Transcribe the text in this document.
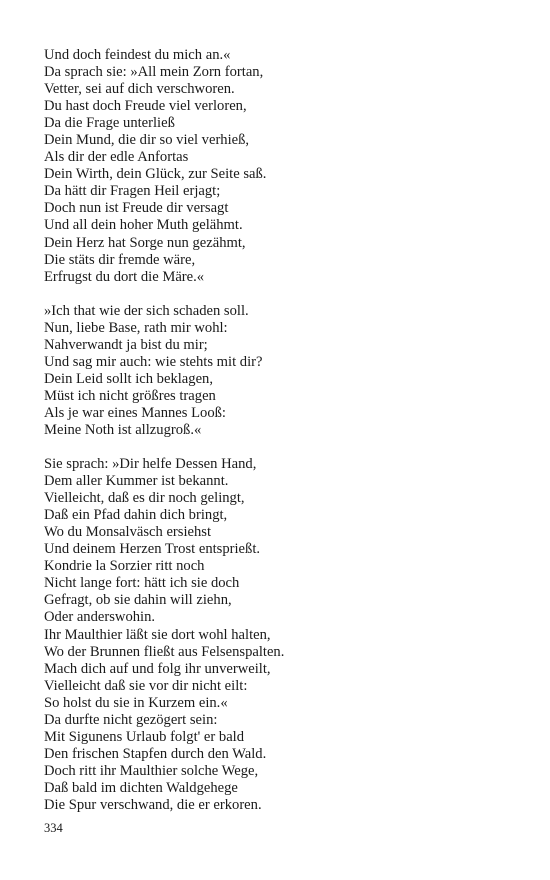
Und doch feindest du mich an.«
Da sprach sie: »All mein Zorn fortan,
Vetter, sei auf dich verschworen.
Du hast doch Freude viel verloren,
Da die Frage unterließ
Dein Mund, die dir so viel verhieß,
Als dir der edle Anfortas
Dein Wirth, dein Glück, zur Seite saß.
Da hätt dir Fragen Heil erjagt;
Doch nun ist Freude dir versagt
Und all dein hoher Muth gelähmt.
Dein Herz hat Sorge nun gezähmt,
Die stäts dir fremde wäre,
Erfrugst du dort die Märe.«
»Ich that wie der sich schaden soll.
Nun, liebe Base, rath mir wohl:
Nahverwandt ja bist du mir;
Und sag mir auch: wie stehts mit dir?
Dein Leid sollt ich beklagen,
Müst ich nicht größres tragen
Als je war eines Mannes Looß:
Meine Noth ist allzugroß.«
Sie sprach: »Dir helfe Dessen Hand,
Dem aller Kummer ist bekannt.
Vielleicht, daß es dir noch gelingt,
Daß ein Pfad dahin dich bringt,
Wo du Monsalväsch ersiehst
Und deinem Herzen Trost entsprießt.
Kondrie la Sorzier ritt noch
Nicht lange fort: hätt ich sie doch
Gefragt, ob sie dahin will ziehn,
Oder anderswohin.
Ihr Maulthier läßt sie dort wohl halten,
Wo der Brunnen fließt aus Felsenspalten.
Mach dich auf und folg ihr unverweilt,
Vielleicht daß sie vor dir nicht eilt:
So holst du sie in Kurzem ein.«
Da durfte nicht gezögert sein:
Mit Sigunens Urlaub folgt' er bald
Den frischen Stapfen durch den Wald.
Doch ritt ihr Maulthier solche Wege,
Daß bald im dichten Waldgehege
Die Spur verschwand, die er erkoren.
334
